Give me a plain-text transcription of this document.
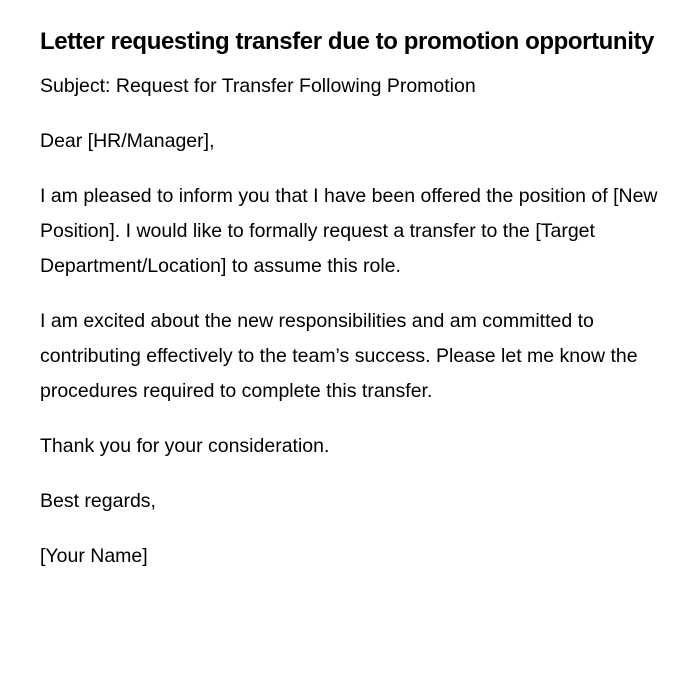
Letter requesting transfer due to promotion opportunity

Subject: Request for Transfer Following Promotion

Dear [HR/Manager],

I am pleased to inform you that I have been offered the position of [New Position]. I would like to formally request a transfer to the [Target Department/Location] to assume this role.

I am excited about the new responsibilities and am committed to contributing effectively to the team’s success. Please let me know the procedures required to complete this transfer.

Thank you for your consideration.

Best regards,

[Your Name]
